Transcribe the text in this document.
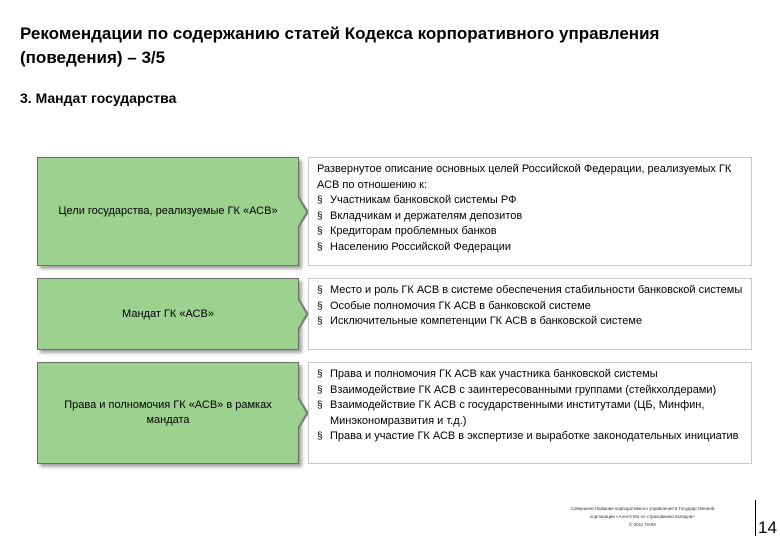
Рекомендации по содержанию статей Кодекса корпоративного управления (поведения) – 3/5
3. Мандат государства
Цели государства, реализуемые ГК «АСВ»
Развернутое описание основных целей Российской Федерации, реализуемых ГК АСВ по отношению к:
§ Участникам банковской системы РФ
§ Вкладчикам и держателям депозитов
§ Кредиторам проблемных банков
§ Населению Российской Федерации
Мандат ГК «АСВ»
§ Место и роль ГК АСВ в системе обеспечения стабильности банковской системы
§ Особые полномочия ГК АСВ в банковской системе
§ Исключительные компетенции ГК АСВ в банковской системе
Права и полномочия ГК «АСВ» в рамках мандата
§ Права и полномочия ГК АСВ как участника банковской системы
§ Взаимодействие ГК АСВ с заинтересованными группами (стейкхолдерами)
§ Взаимодействие ГК АСВ с государственными институтами (ЦБ, Минфин, Минэкономразвития и т.д.)
§ Права и участие ГК АСВ в экспертизе и выработке законодательных инициатив
Совершенствование корпоративного управления в Государственной
корпорации «Агентство по страхованию вкладов»
© 2011 ПАКК	14
